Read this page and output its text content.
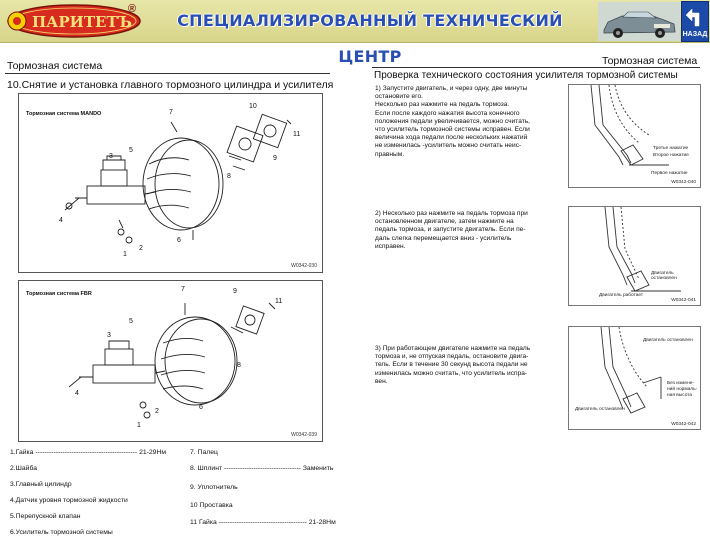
ПАРИТЕТЪ
®
СПЕЦИАЛИЗИРОВАННЫЙ ТЕХНИЧЕСКИЙ ЦЕНТР
НАЗАД
Тормозная система
10.Снятие и установка главного тормозного цилиндра и усилителя
Тормозная система MANDO	7
10
5
3
8
9
11
4
2
1
6
W0342-030
Тормозная система FBR
7	9
11
5
3
8
4
2
1
6
W0342-039
1.Гайка --------------------------------------------- 21-29Нм
2.Шайба
3.Главный цилиндр
4.Датчик уровня тормозной жидкости
5.Перепускной клапан
6.Усилитель тормозной системы
7. Палец
8. Шплинт ---------------------------------- Заменить
9. Уплотнитель
10 Проставка
11 Гайка --------------------------------------- 21-28Нм
Тормозная система
Проверка технического состояния усилителя тормозной системы
1) Запустите двигатель, и через одну, две минуты
остановите его.
Несколько раз нажмите на педаль тормоза.
Если после каждого нажатия высота конечного
положения педали увеличивается, можно считать,
что усилитель тормозной системы исправен. Если
величина хода педали после нескольких нажатий
не изменилась -усилитель можно считать неис-
правным.
Третье нажатие
Второе нажатие
Первое нажатие
W0342-040
2) Несколько раз нажмите на педаль тормоза при
остановленном двигателе, затем нажмите на
педаль тормоза, и запустите двигатель. Если пе-
даль слегка перемещается вниз - усилитель
исправен.
Двигатель остановлен
Двигатель работает
W0342-041
3) При работающем двигателе нажмите на педаль
тормоза и, не отпуская педаль, остановите двига-
тель. Если в течение 30 секунд высота педали не
изменилась можно считать, что усилитель испра-
вен.
Двигатель остановлен
Двигатель остановлен
Без измене-
ний нормаль-
ная высота
W0342-042
